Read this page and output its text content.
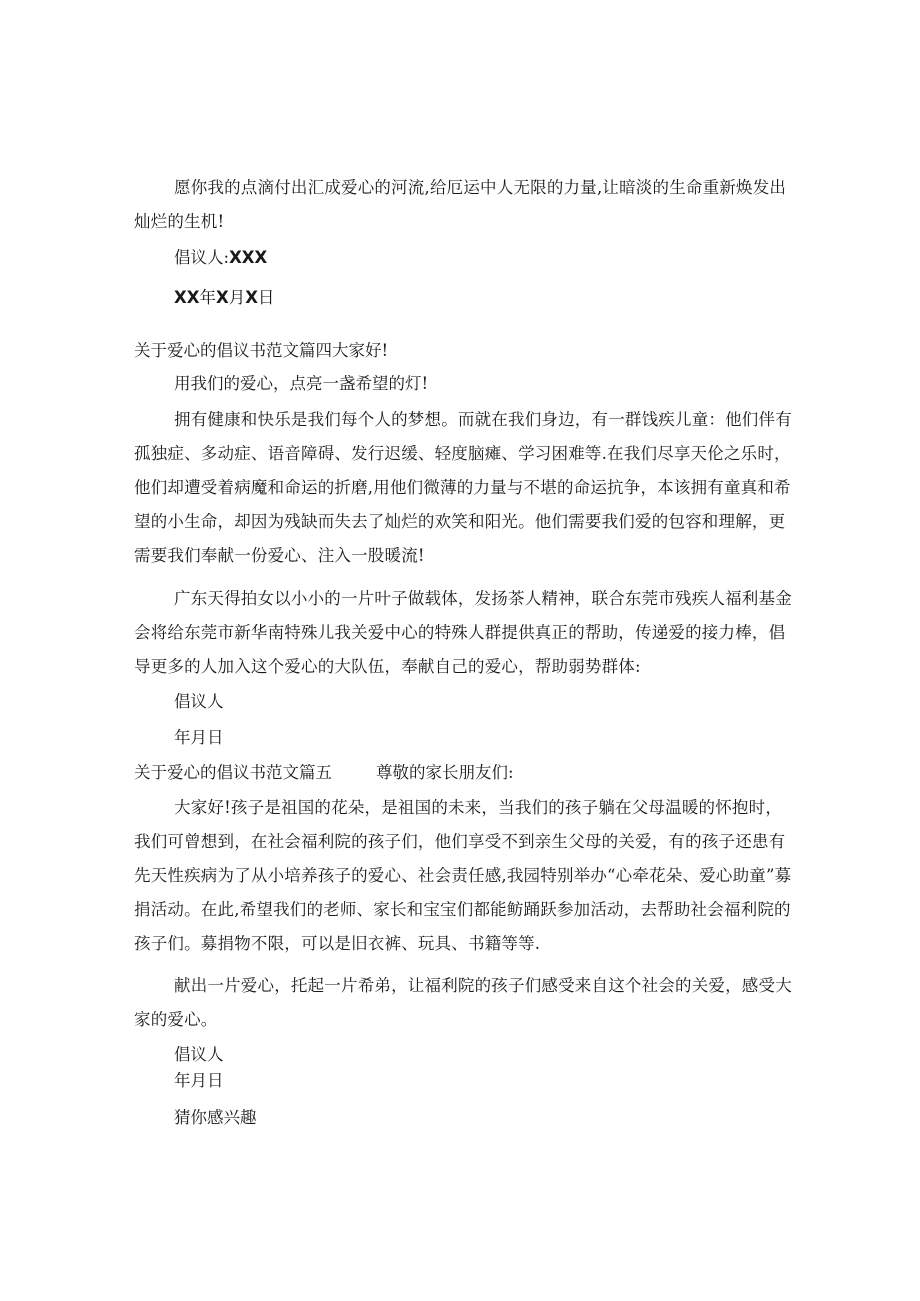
愿你我的点滴付出汇成爱心的河流,给厄运中人无限的力量,让暗淡的生命重新焕发出灿烂的生机!

倡议人:XXX

XX年X月X日

关于爱心的倡议书范文篇四大家好!

用我们的爱心，点亮一盏希望的灯!

拥有健康和快乐是我们每个人的梦想。而就在我们身边，有一群饯疾儿童：他们伴有孤独症、多动症、语音障碍、发行迟缓、轻度脑瘫、学习困难等.在我们尽享天伦之乐时，他们却遭受着病魔和命运的折磨,用他们微薄的力量与不堪的命运抗争，本该拥有童真和希望的小生命，却因为残缺而失去了灿烂的欢笑和阳光。他们需要我们爱的包容和理解，更需要我们奉献一份爱心、注入一股暖流!

广东天得拍女以小小的一片叶子做载体，发扬茶人精神，联合东莞市残疾人福利基金会将给东莞市新华南特殊儿我关爱中心的特殊人群提供真正的帮助，传递爱的接力棒，倡导更多的人加入这个爱心的大队伍，奉献自己的爱心，帮助弱势群体:

倡议人

年月日

关于爱心的倡议书范文篇五	尊敬的家长朋友们:

大家好!孩子是祖国的花朵，是祖国的未来，当我们的孩子躺在父母温暖的怀抱时，我们可曾想到，在社会福利院的孩子们，他们享受不到亲生父母的关爱，有的孩子还患有先天性疾病为了从小培养孩子的爱心、社会责任感,我园特别举办“心牵花朵、爱心助童”募捐活动。在此,希望我们的老师、家长和宝宝们都能鲂踊跃参加活动，去帮助社会福利院的孩子们。募捐物不限，可以是旧衣裤、玩具、书籍等等.

献出一片爱心，托起一片希弟，让福利院的孩子们感受来自这个社会的关爱，感受大家的爱心。

倡议人

年月日

猜你感兴趣
